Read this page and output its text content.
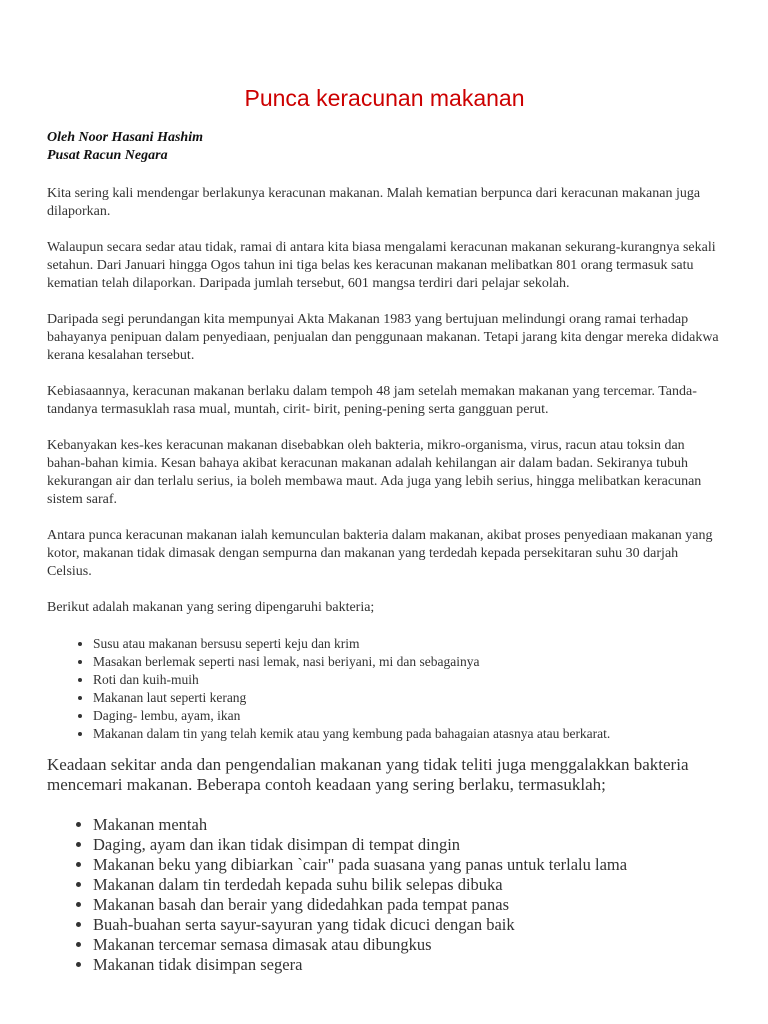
Punca keracunan makanan
Oleh Noor Hasani Hashim
Pusat Racun Negara

Kita sering kali mendengar berlakunya keracunan makanan. Malah kematian berpunca dari keracunan makanan juga dilaporkan.

Walaupun secara sedar atau tidak, ramai di antara kita biasa mengalami keracunan makanan sekurang-kurangnya sekali setahun. Dari Januari hingga Ogos tahun ini tiga belas kes keracunan makanan melibatkan 801 orang termasuk satu kematian telah dilaporkan. Daripada jumlah tersebut, 601 mangsa terdiri dari pelajar sekolah.

Daripada segi perundangan kita mempunyai Akta Makanan 1983 yang bertujuan melindungi orang ramai terhadap bahayanya penipuan dalam penyediaan, penjualan dan penggunaan makanan. Tetapi jarang kita dengar mereka didakwa kerana kesalahan tersebut.

Kebiasaannya, keracunan makanan berlaku dalam tempoh 48 jam setelah memakan makanan yang tercemar. Tanda-tandanya termasuklah rasa mual, muntah, cirit- birit, pening-pening serta gangguan perut.

Kebanyakan kes-kes keracunan makanan disebabkan oleh bakteria, mikro-organisma, virus, racun atau toksin dan bahan-bahan kimia. Kesan bahaya akibat keracunan makanan adalah kehilangan air dalam badan. Sekiranya tubuh kekurangan air dan terlalu serius, ia boleh membawa maut. Ada juga yang lebih serius, hingga melibatkan keracunan sistem saraf.

Antara punca keracunan makanan ialah kemunculan bakteria dalam makanan, akibat proses penyediaan makanan yang kotor, makanan tidak dimasak dengan sempurna dan makanan yang terdedah kepada persekitaran suhu 30 darjah Celsius.

Berikut adalah makanan yang sering dipengaruhi bakteria;

• Susu atau makanan bersusu seperti keju dan krim
• Masakan berlemak seperti nasi lemak, nasi beriyani, mi dan sebagainya
• Roti dan kuih-muih
• Makanan laut seperti kerang
• Daging- lembu, ayam, ikan
• Makanan dalam tin yang telah kemik atau yang kembung pada bahagaian atasnya atau berkarat.

Keadaan sekitar anda dan pengendalian makanan yang tidak teliti juga menggalakkan bakteria mencemari makanan. Beberapa contoh keadaan yang sering berlaku, termasuklah;

• Makanan mentah
• Daging, ayam dan ikan tidak disimpan di tempat dingin
• Makanan beku yang dibiarkan `cair" pada suasana yang panas untuk terlalu lama
• Makanan dalam tin terdedah kepada suhu bilik selepas dibuka
• Makanan basah dan berair yang didedahkan pada tempat panas
• Buah-buahan serta sayur-sayuran yang tidak dicuci dengan baik
• Makanan tercemar semasa dimasak atau dibungkus
• Makanan tidak disimpan segera
